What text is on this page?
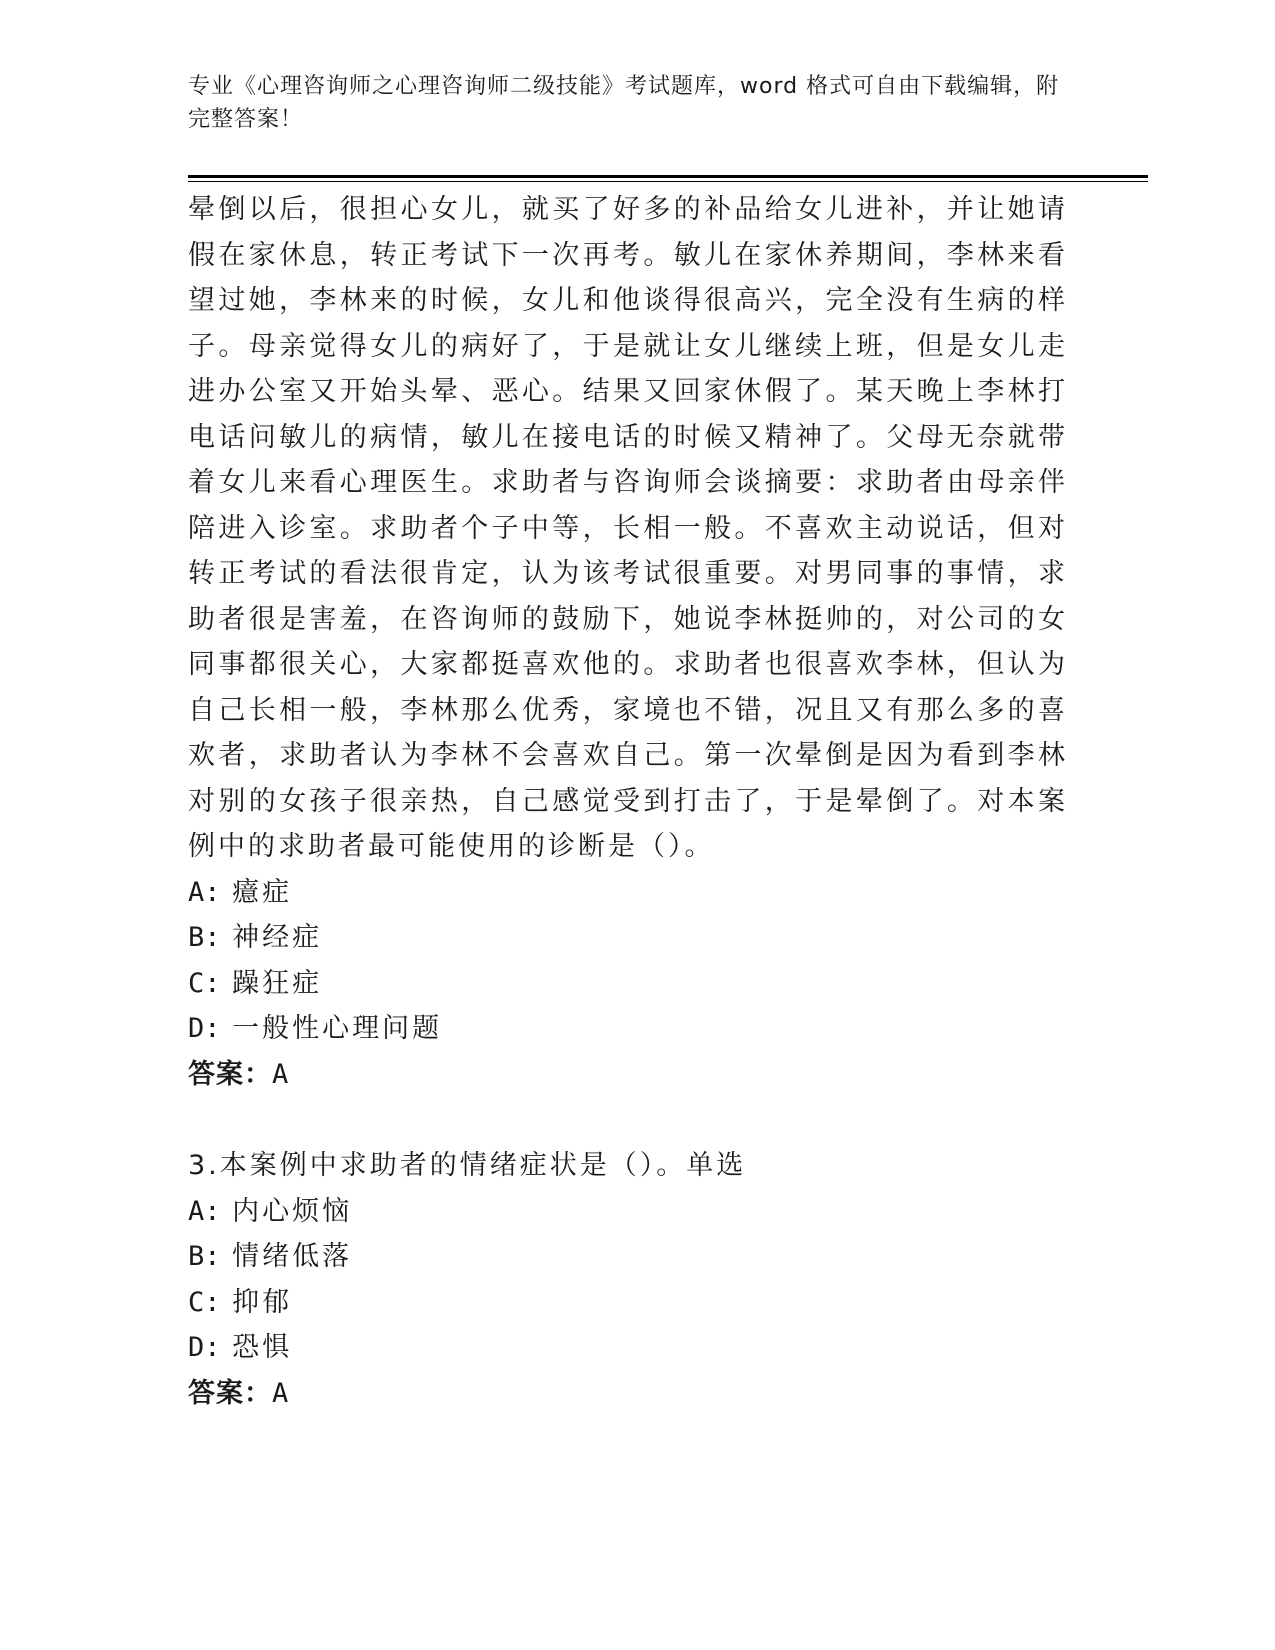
专业《心理咨询师之心理咨询师二级技能》考试题库，word 格式可自由下载编辑，附完整答案！

晕倒以后，很担心女儿，就买了好多的补品给女儿进补，并让她请假在家休息，转正考试下一次再考。敏儿在家休养期间，李林来看望过她，李林来的时候，女儿和他谈得很高兴，完全没有生病的样子。母亲觉得女儿的病好了，于是就让女儿继续上班，但是女儿走进办公室又开始头晕、恶心。结果又回家休假了。某天晚上李林打电话问敏儿的病情，敏儿在接电话的时候又精神了。父母无奈就带着女儿来看心理医生。求助者与咨询师会谈摘要：求助者由母亲伴陪进入诊室。求助者个子中等，长相一般。不喜欢主动说话，但对转正考试的看法很肯定，认为该考试很重要。对男同事的事情，求助者很是害羞，在咨询师的鼓励下，她说李林挺帅的，对公司的女同事都很关心，大家都挺喜欢他的。求助者也很喜欢李林，但认为自己长相一般，李林那么优秀，家境也不错，况且又有那么多的喜欢者，求助者认为李林不会喜欢自己。第一次晕倒是因为看到李林对别的女孩子很亲热，自己感觉受到打击了，于是晕倒了。对本案例中的求助者最可能使用的诊断是（）。

A: 癔症
B: 神经症
C: 躁狂症
D: 一般性心理问题
答案：A
3.本案例中求助者的情绪症状是（）。单选
A: 内心烦恼
B: 情绪低落
C: 抑郁
D: 恐惧
答案：A
